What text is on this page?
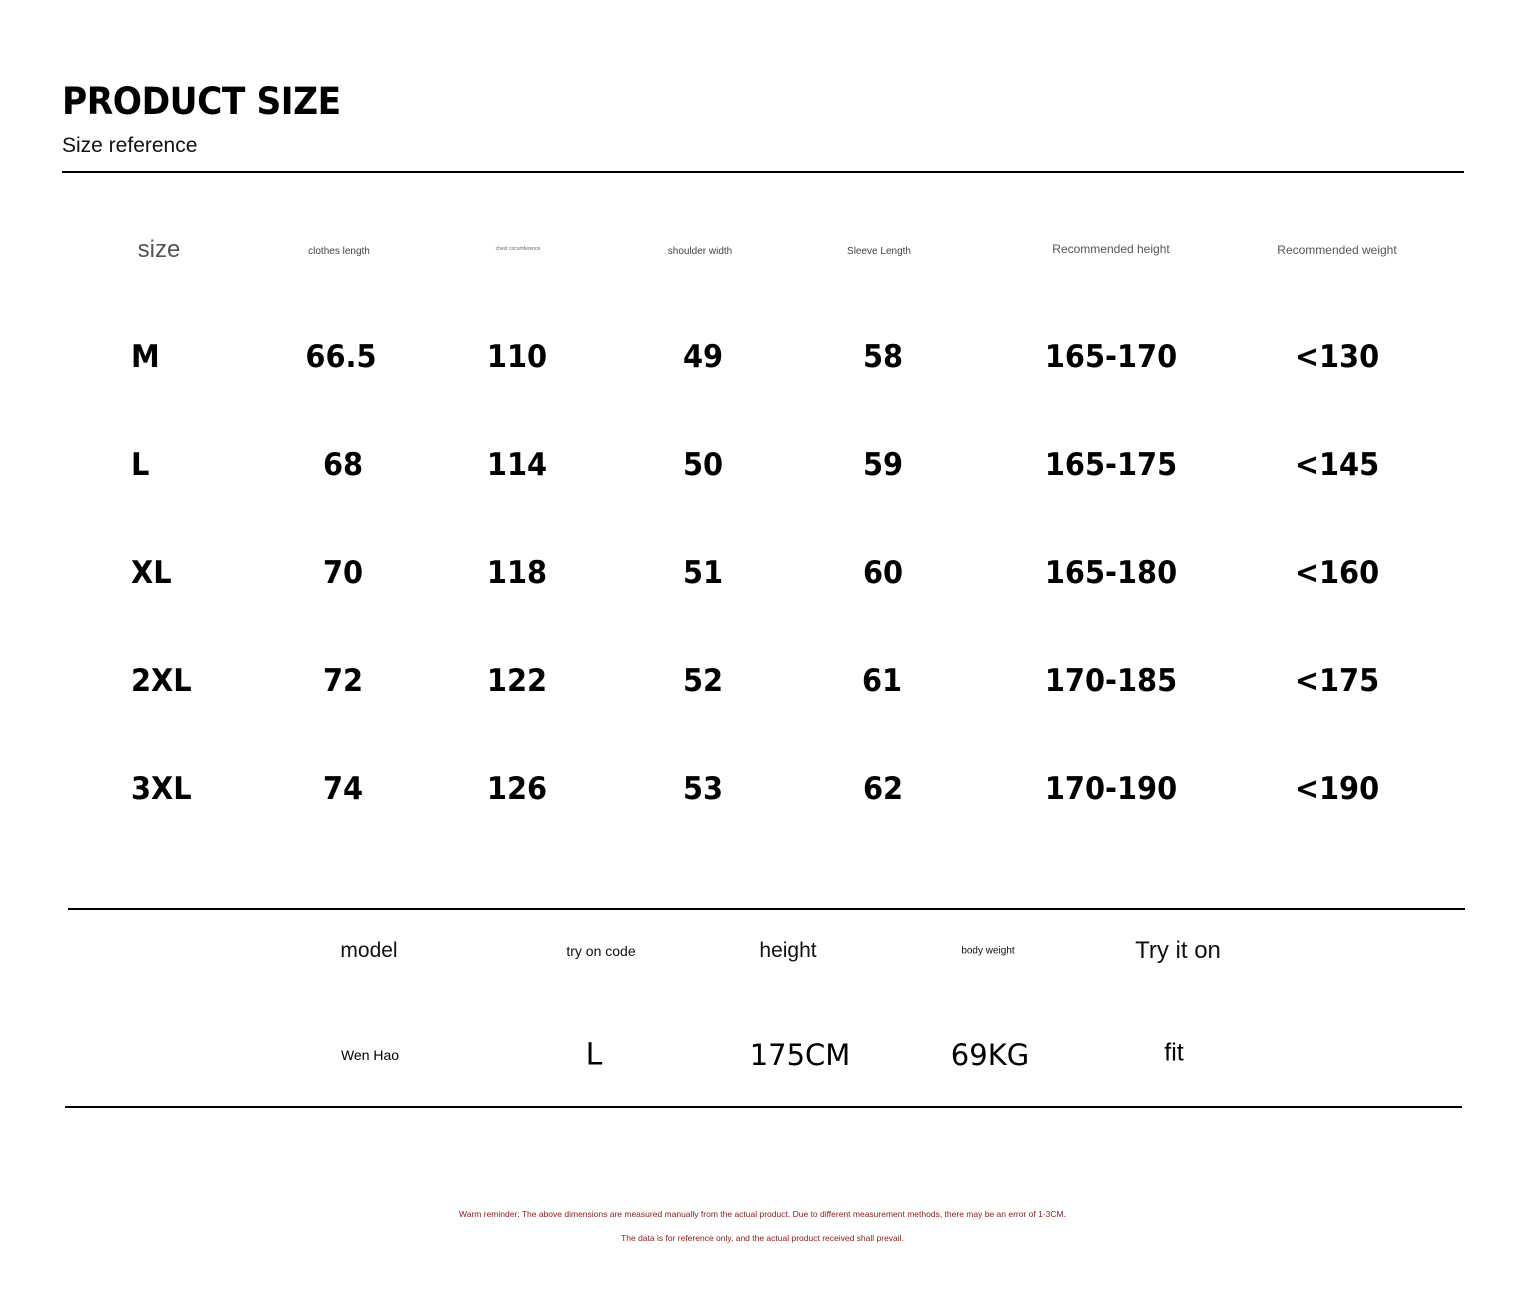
PRODUCT SIZE
Size reference
size	clothes length	chest circumference	shoulder width	Sleeve Length	Recommended height	Recommended weight
M	66.5	110	49	58	165-170	<130
L	68	114	50	59	165-175	<145
XL	70	118	51	60	165-180	<160
2XL	72	122	52	61	170-185	<175
3XL	74	126	53	62	170-190	<190
model	try on code	height	body weight	Try it on
Wen Hao	L	175CM	69KG	fit
Warm reminder: The above dimensions are measured manually from the actual product. Due to different measurement methods, there may be an error of 1-3CM.
The data is for reference only, and the actual product received shall prevail.
